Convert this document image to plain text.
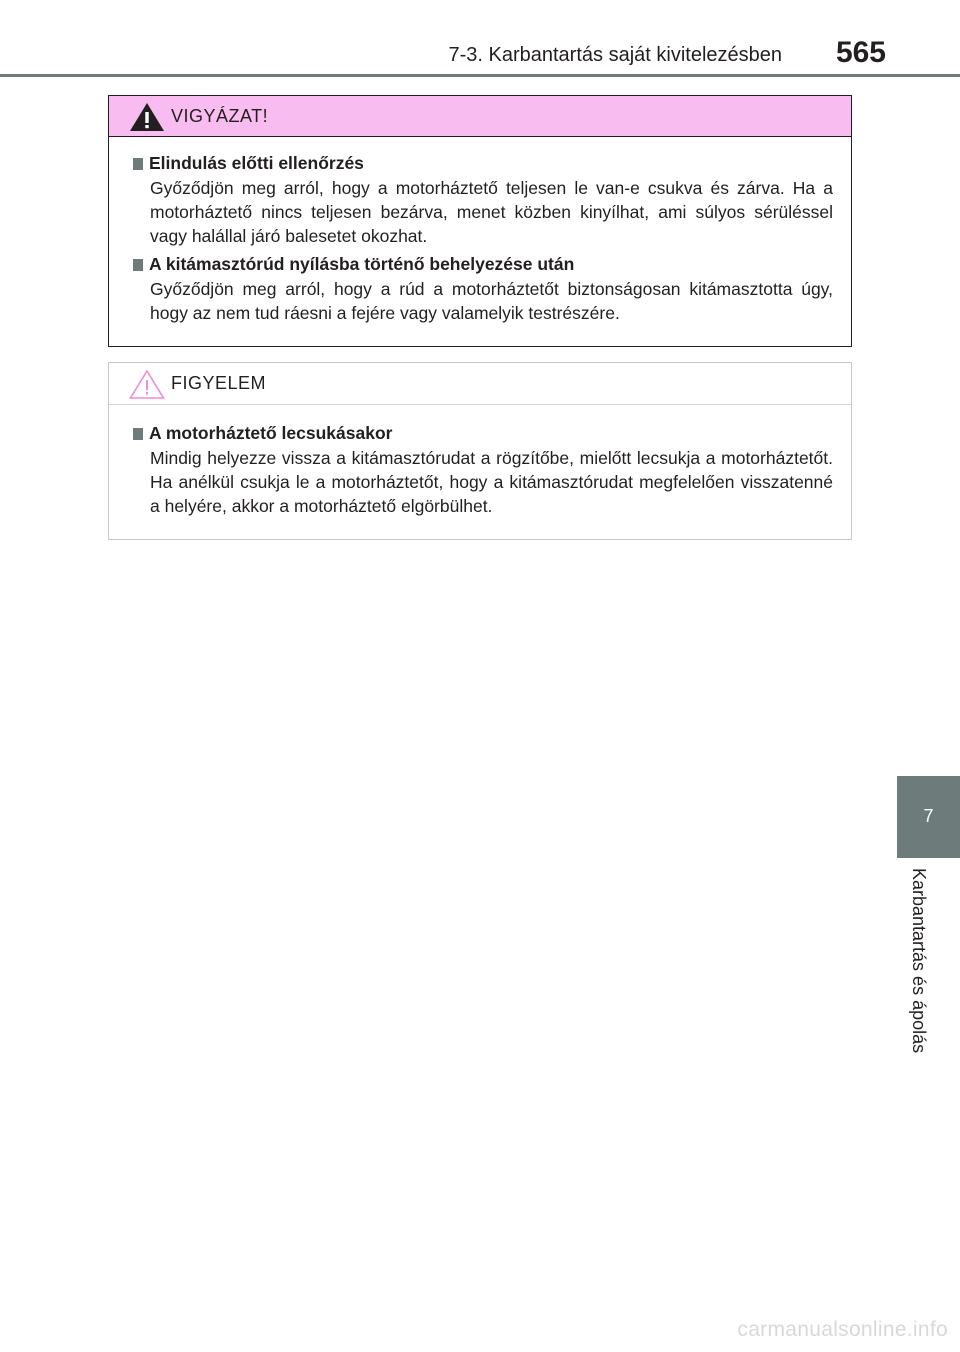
7-3. Karbantartás saját kivitelezésben 565
VIGYÁZAT!
Elindulás előtti ellenőrzés
Győződjön meg arról, hogy a motorháztető teljesen le van-e csukva és zárva. Ha a motorháztető nincs teljesen bezárva, menet közben kinyílhat, ami súlyos sérüléssel vagy halállal járó balesetet okozhat.
A kitámasztórúd nyílásba történő behelyezése után
Győződjön meg arról, hogy a rúd a motorháztetőt biztonságosan kitámasztotta úgy, hogy az nem tud ráesni a fejére vagy valamelyik testrészére.
FIGYELEM
A motorháztető lecsukásakor
Mindig helyezze vissza a kitámasztórudat a rögzítőbe, mielőtt lecsukja a motorháztetőt. Ha anélkül csukja le a motorháztetőt, hogy a kitámasztórudat megfelelően visszatenné a helyére, akkor a motorháztető elgörbülhet.
7
Karbantartás és ápolás
carmanualsonline.info
